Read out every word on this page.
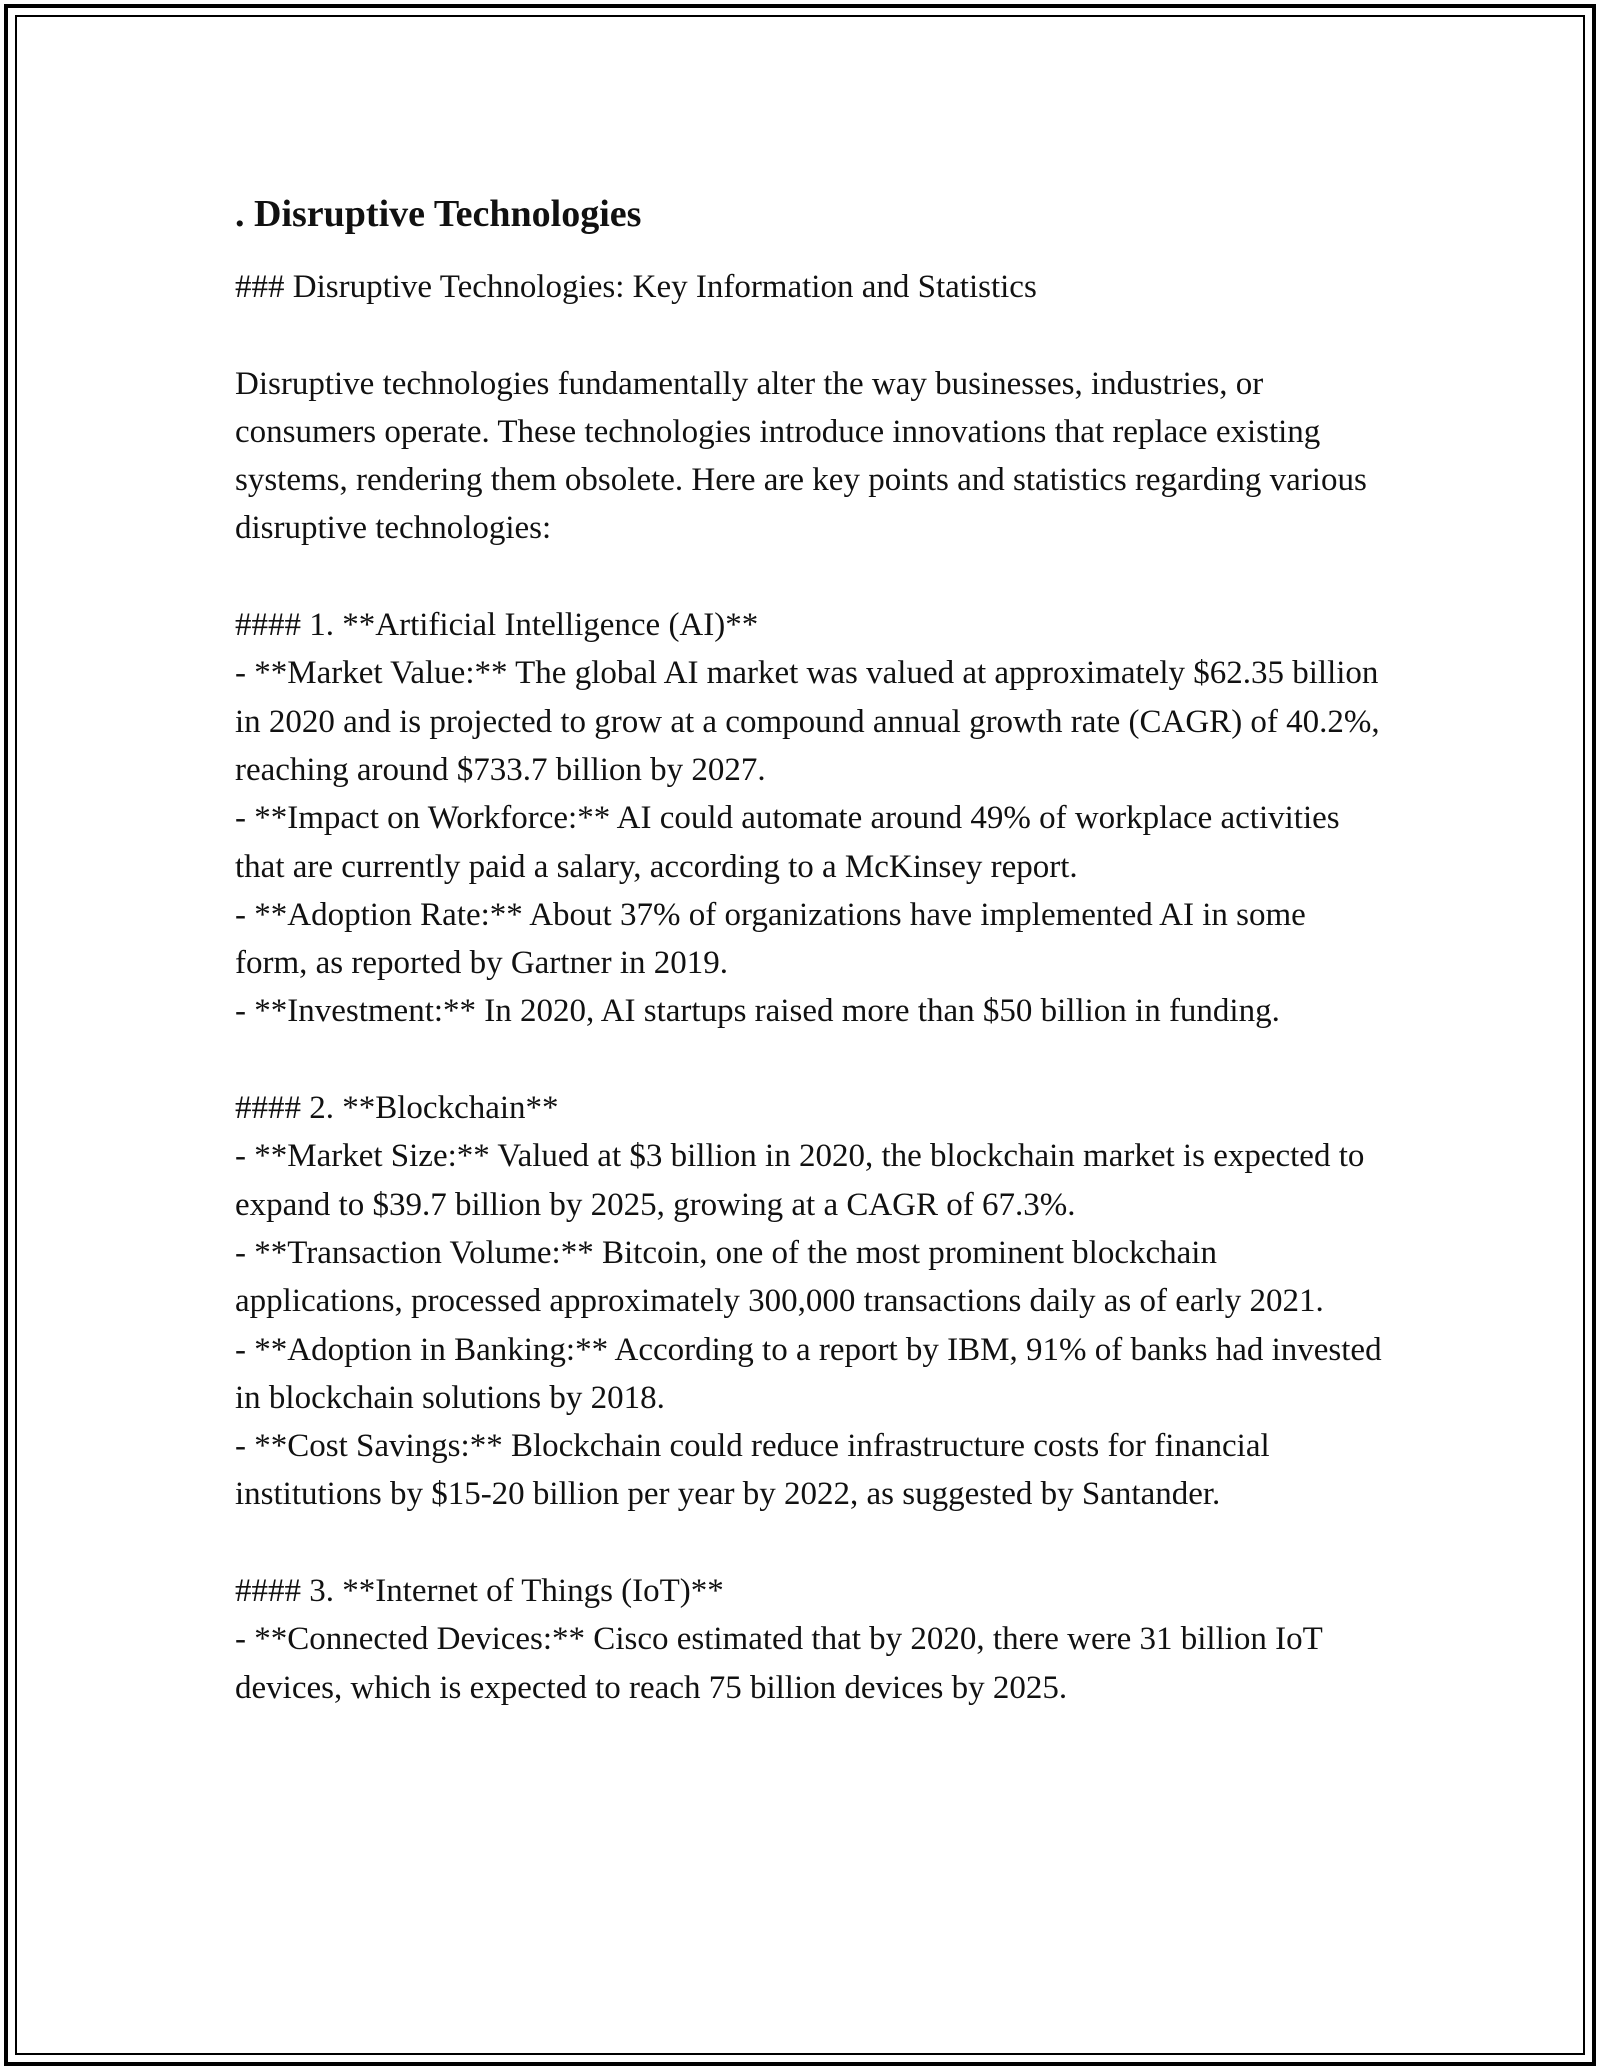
. Disruptive Technologies

### Disruptive Technologies: Key Information and Statistics

Disruptive technologies fundamentally alter the way businesses, industries, or consumers operate. These technologies introduce innovations that replace existing systems, rendering them obsolete. Here are key points and statistics regarding various disruptive technologies:

#### 1. **Artificial Intelligence (AI)**

- **Market Value:** The global AI market was valued at approximately $62.35 billion in 2020 and is projected to grow at a compound annual growth rate (CAGR) of 40.2%, reaching around $733.7 billion by 2027.

- **Impact on Workforce:** AI could automate around 49% of workplace activities that are currently paid a salary, according to a McKinsey report.

- **Adoption Rate:** About 37% of organizations have implemented AI in some form, as reported by Gartner in 2019.

- **Investment:** In 2020, AI startups raised more than $50 billion in funding.

#### 2. **Blockchain**

- **Market Size:** Valued at $3 billion in 2020, the blockchain market is expected to expand to $39.7 billion by 2025, growing at a CAGR of 67.3%.

- **Transaction Volume:** Bitcoin, one of the most prominent blockchain applications, processed approximately 300,000 transactions daily as of early 2021.

- **Adoption in Banking:** According to a report by IBM, 91% of banks had invested in blockchain solutions by 2018.

- **Cost Savings:** Blockchain could reduce infrastructure costs for financial institutions by $15-20 billion per year by 2022, as suggested by Santander.

#### 3. **Internet of Things (IoT)**

- **Connected Devices:** Cisco estimated that by 2020, there were 31 billion IoT devices, which is expected to reach 75 billion devices by 2025.
